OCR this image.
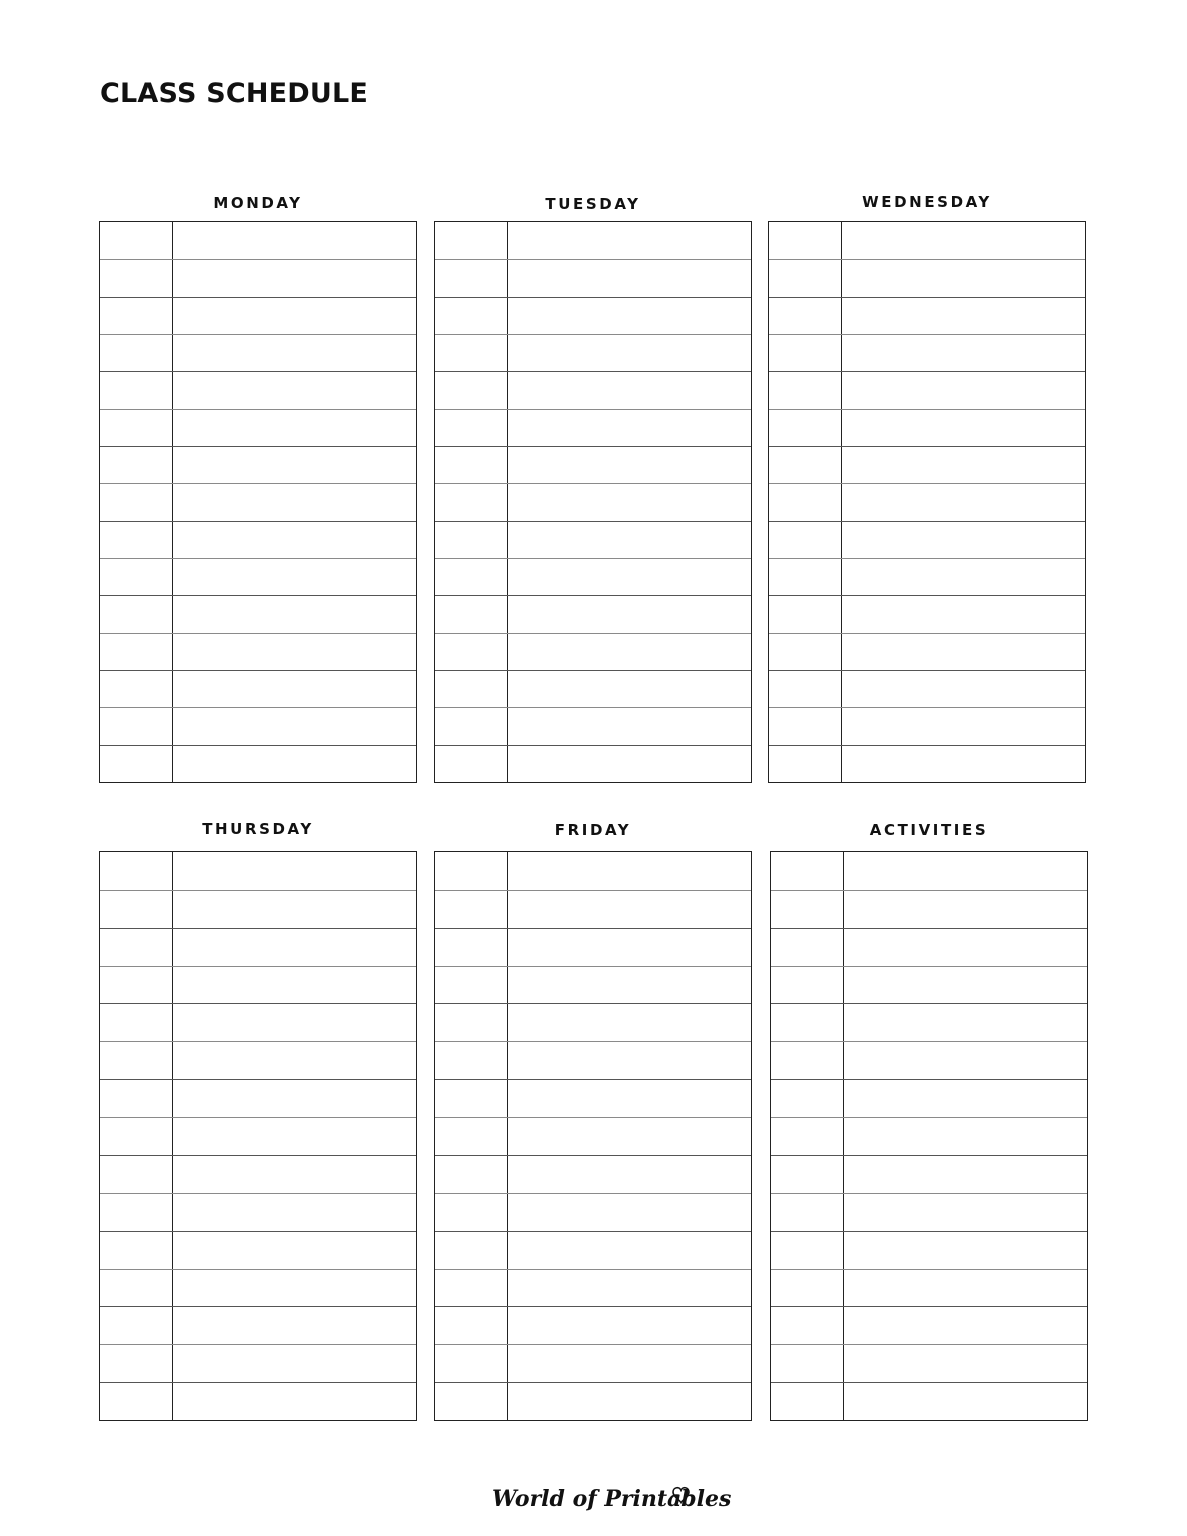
CLASS SCHEDULE
MONDAY	TUESDAY	WEDNESDAY
THURSDAY	FRIDAY	ACTIVITIES
World of Printables
